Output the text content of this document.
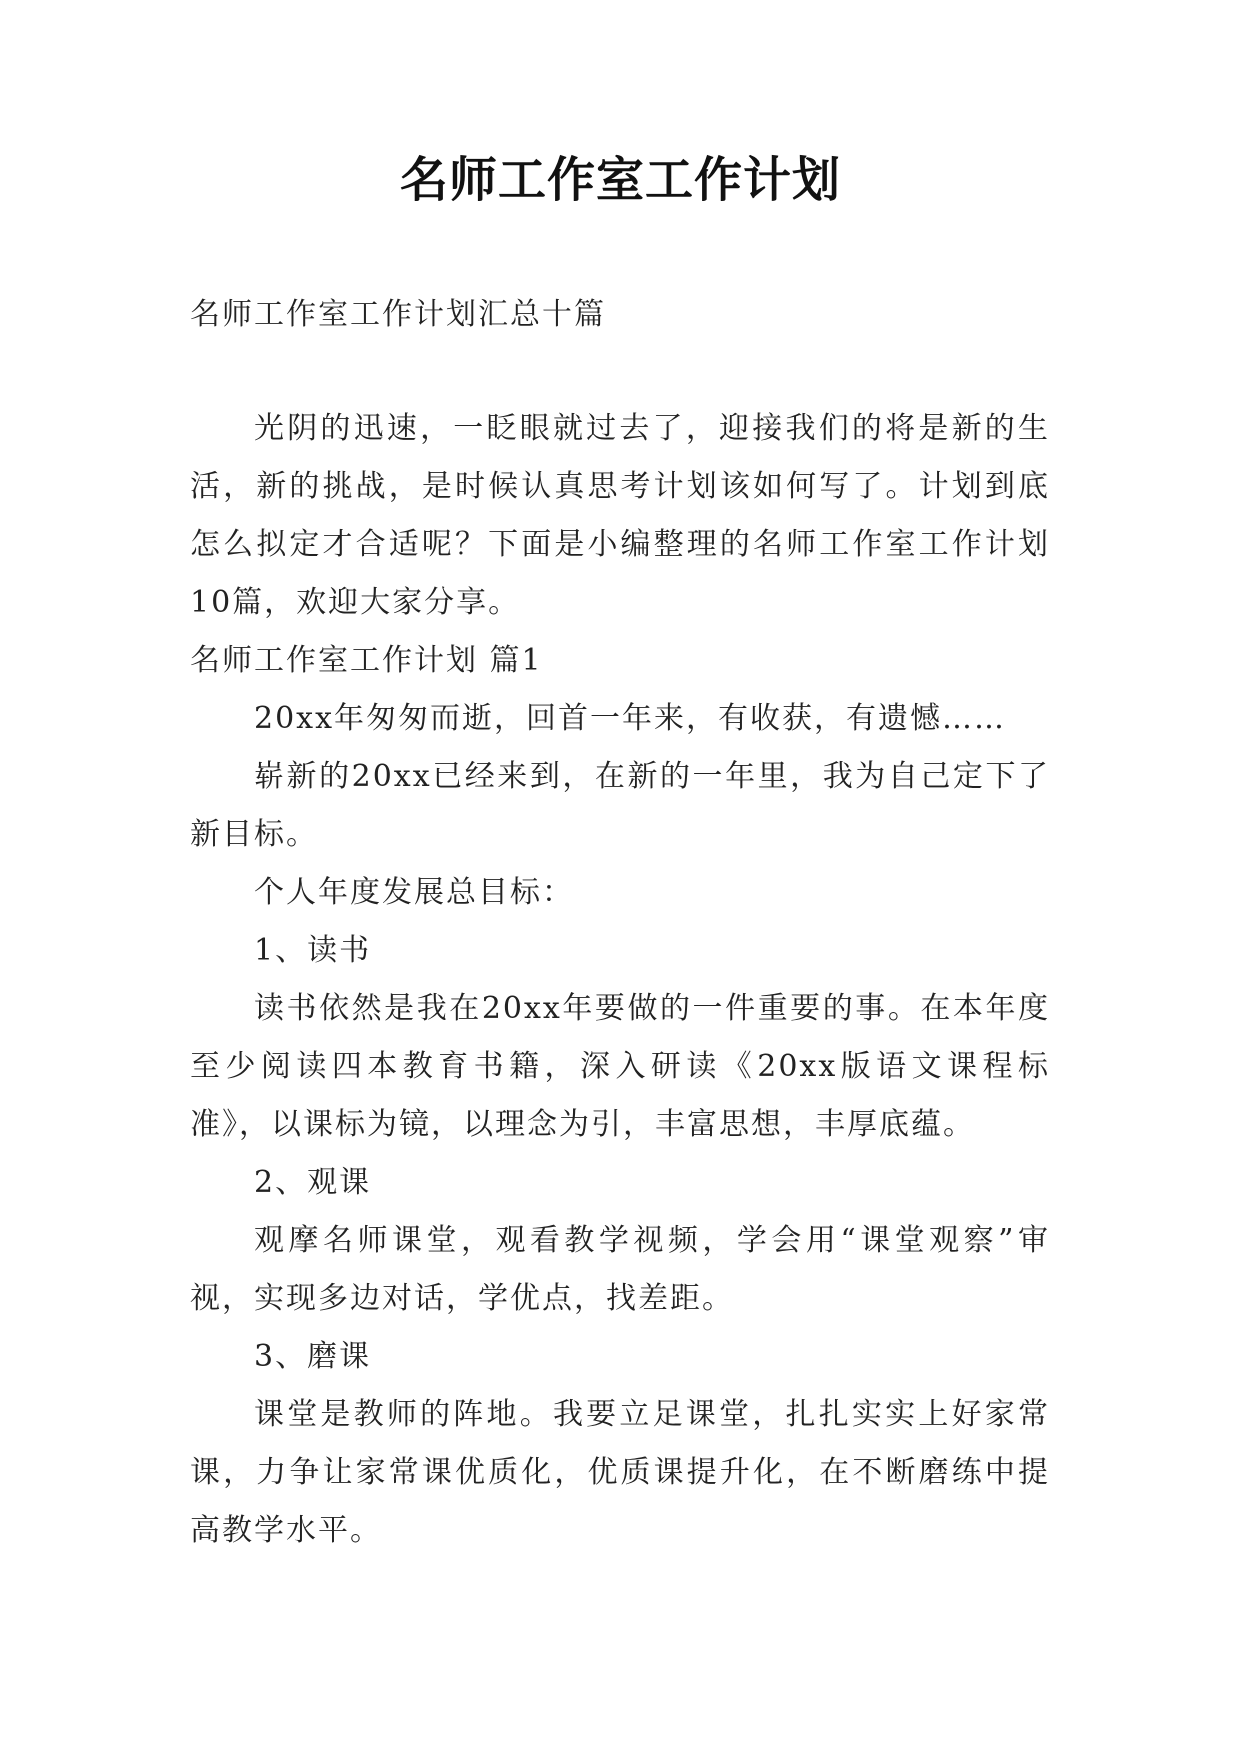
名师工作室工作计划

名师工作室工作计划汇总十篇

光阴的迅速，一眨眼就过去了，迎接我们的将是新的生活，新的挑战，是时候认真思考计划该如何写了。计划到底怎么拟定才合适呢？下面是小编整理的名师工作室工作计划10篇，欢迎大家分享。

名师工作室工作计划 篇1

20xx年匆匆而逝，回首一年来，有收获，有遗憾……

崭新的20xx已经来到，在新的一年里，我为自己定下了新目标。

个人年度发展总目标：

1、读书

读书依然是我在20xx年要做的一件重要的事。在本年度至少阅读四本教育书籍，深入研读《20xx版语文课程标准》，以课标为镜，以理念为引，丰富思想，丰厚底蕴。

2、观课

观摩名师课堂，观看教学视频，学会用“课堂观察”审视，实现多边对话，学优点，找差距。

3、磨课

课堂是教师的阵地。我要立足课堂，扎扎实实上好家常课，力争让家常课优质化，优质课提升化，在不断磨练中提高教学水平。
